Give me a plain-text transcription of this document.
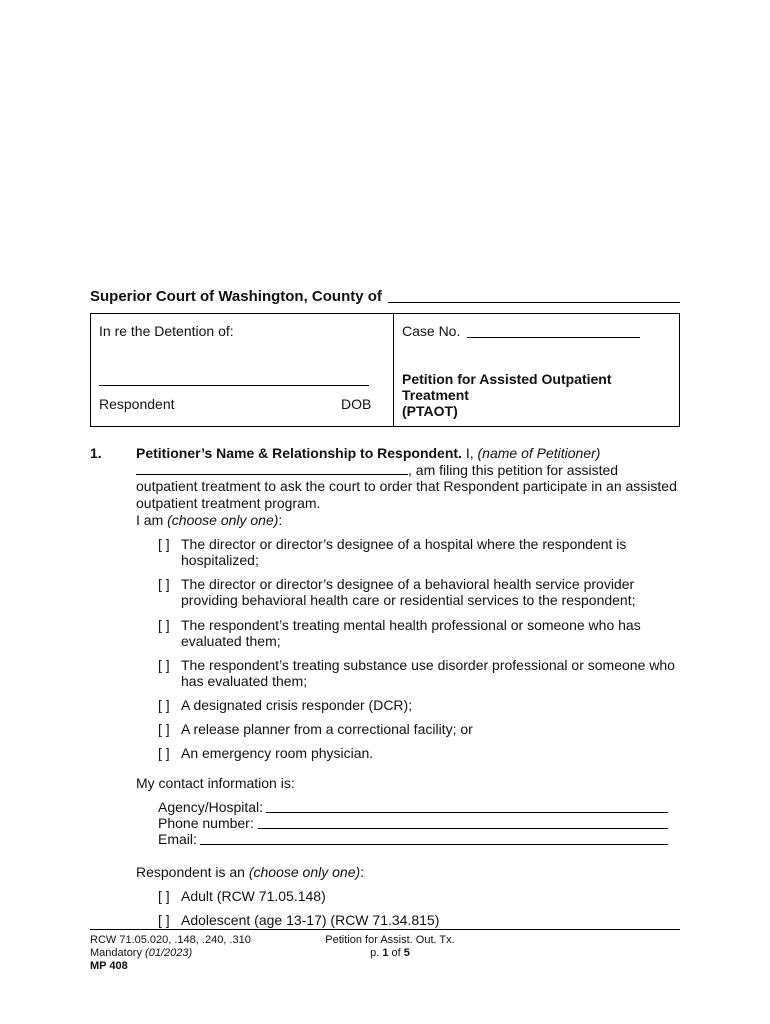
Superior Court of Washington, County of
In re the Detention of:
Respondent	DOB
Case No.
Petition for Assisted Outpatient
Treatment
(PTAOT)
1. Petitioner’s Name & Relationship to Respondent. I, (name of Petitioner)
, am filing this petition for assisted
outpatient treatment to ask the court to order that Respondent participate in an assisted
outpatient treatment program.
I am (choose only one):
[ ] The director or director’s designee of a hospital where the respondent is
hospitalized;
[ ] The director or director’s designee of a behavioral health service provider
providing behavioral health care or residential services to the respondent;
[ ] The respondent’s treating mental health professional or someone who has
evaluated them;
[ ] The respondent’s treating substance use disorder professional or someone who
has evaluated them;
[ ] A designated crisis responder (DCR);
[ ] A release planner from a correctional facility; or
[ ] An emergency room physician.
My contact information is:
Agency/Hospital:
Phone number:
Email:
Respondent is an (choose only one):
[ ] Adult (RCW 71.05.148)
[ ] Adolescent (age 13-17) (RCW 71.34.815)
RCW 71.05.020, .148, .240, .310
Mandatory (01/2023)
MP 408
Petition for Assist. Out. Tx.
p. 1 of 5
